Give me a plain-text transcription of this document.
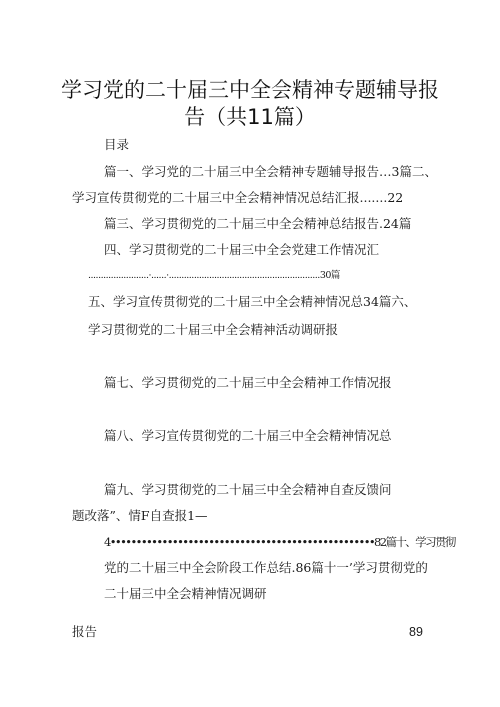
学习党的二十届三中全会精神专题辅导报
告（共11篇）
目录
篇一、学习党的二十届三中全会精神专题辅导报告…3篇二、
学习宣传贯彻党的二十届三中全会精神情况总结汇报.......22
篇三、学习贯彻党的二十届三中全会精神总结报告.24篇
四、学习贯彻党的二十届三中全会党建工作情况汇
........................·......·............................................................30篇
五、学习宣传贯彻党的二十届三中全会精神情况总34篇六、
学习贯彻党的二十届三中全会精神活动调研报
篇七、学习贯彻党的二十届三中全会精神工作情况报
篇八、学习宣传贯彻党的二十届三中全会精神情况总
篇九、学习贯彻党的二十届三中全会精神自查反馈问
题改落”、情F自查报1—
4•••••••••••••••••••••••••••••••••••••••••••••••••••82篇十、学习贯彻
党的二十届三中全会阶段工作总结.86篇十一’学习贯彻党的
二十届三中全会精神情况调研
报告	89
